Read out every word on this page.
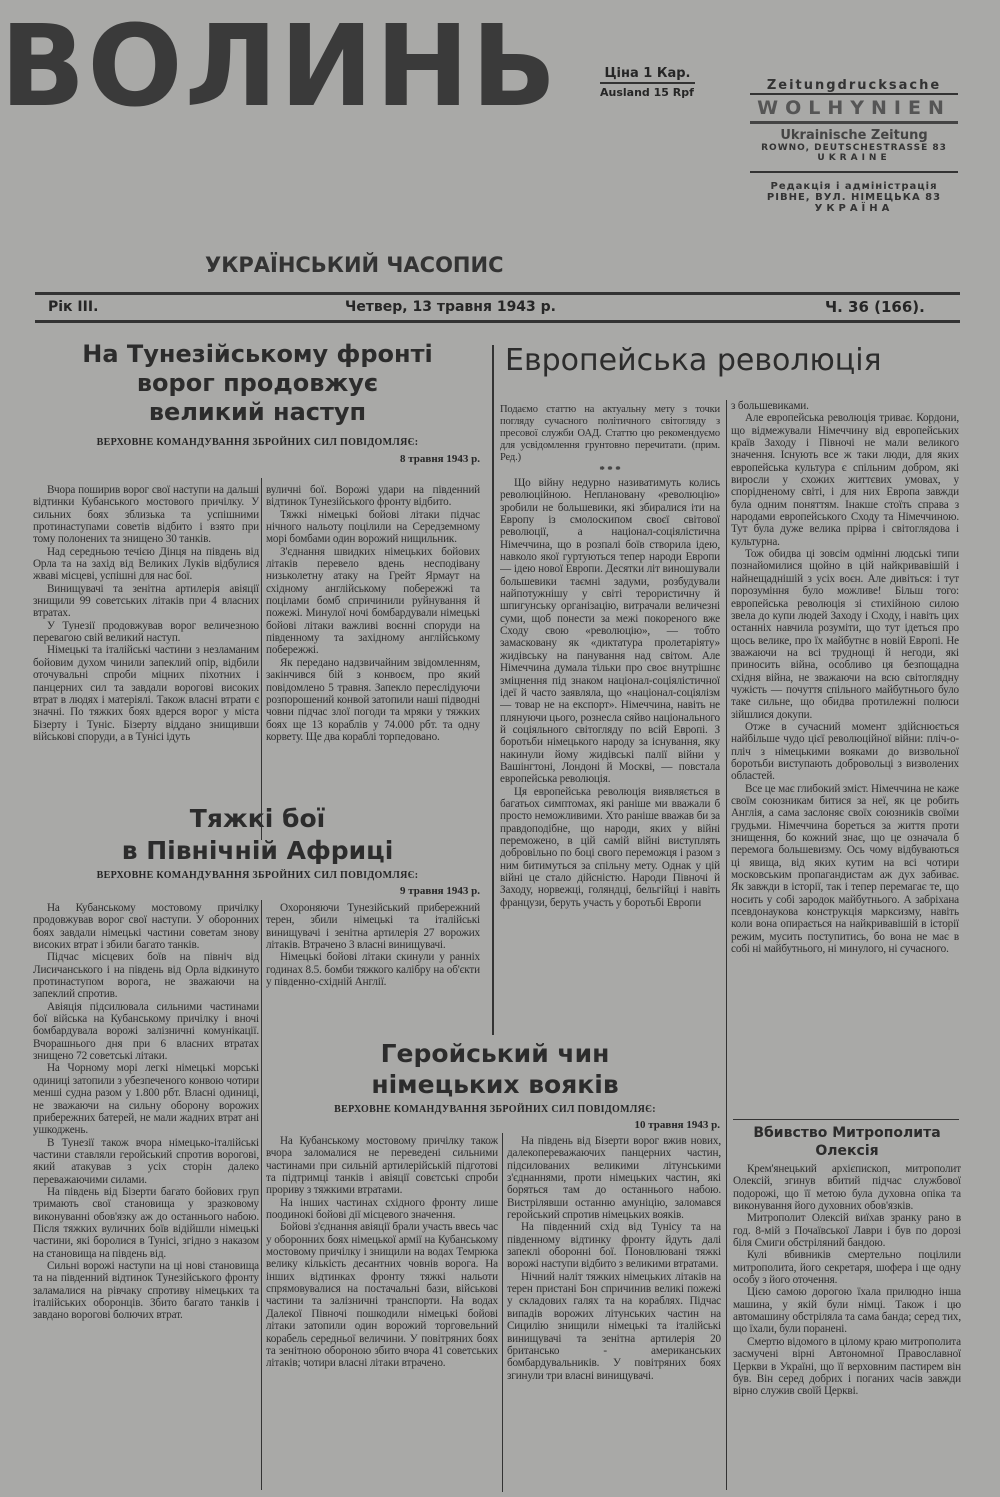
ВОЛИНЬ
УКРАЇНСЬКИЙ ЧАСОПИС
Ціна 1 Кар.
Ausland 15 Rpf	Zeitungdrucksache
WOLHYNIEN
Ukrainische Zeitung
ROWNO, DEUTSCHESTRASSE 83
UKRAINE
Редакція і адміністрація
РІВНЕ, ВУЛ. НІМЕЦЬКА 83
УКРАЇНА
Рік III.	Четвер, 13 травня 1943 р.	Ч. 36 (166).
На Тунезійському фронті
ворог продовжує
великий наступ
ВЕРХОВНЕ КОМАНДУВАННЯ ЗБРОЙНИХ СИЛ ПОВІДОМЛЯЄ:
8 травня 1943 р.

Вчора поширив ворог свої наступи на дальші відтинки Кубанського мостового причілку. У сильних боях зблизька та успішними протинаступами советів відбито і взято при тому полонених та знищено 30 танків.

Над середньою течією Дінця на південь від Орла та на захід від Великих Луків відбулися жваві місцеві, успішні для нас бої.

Винищувачі та зенітна артилерія авіяції знищили 99 советських літаків при 4 власних втратах.

У Тунезії продовжував ворог величезною перевагою свій великий наступ.

Німецькі та італійські частини з незламаним бойовим духом чинили запеклий опір, відбили оточувальні спроби міцних піхотних і панцерних сил та завдали ворогові високих втрат в людях і матеріялі. Також власні втрати є значні. По тяжких боях вдерся ворог у міста Бізерту і Туніс. Бізерту віддано знищивши військові споруди, а в Тунісі ідуть

вуличні бої. Ворожі удари на південний відтинок Тунезійського фронту відбито.

Тяжкі німецькі бойові літаки підчас нічного нальоту поцілили на Середземному морі бомбами один ворожий нищильник.

З'єднання швидких німецьких бойових літаків перевело вдень несподівану низьколетну атаку на Грейт Ярмаут на східному англійському побережжі та поцілами бомб спричинили руйнування й пожежі. Минулої ночі бомбардували німецькі бойові літаки важливі воєнні споруди на південному та західному англійському побережжі.

Як передано надзвичайним звідомленням, закінчився бій з конвоєм, про який повідомлено 5 травня. Запекло переслідуючи розпорошений конвой затопили наші підводні човни підчас злої погоди та мряки у тяжких боях ще 13 кораблів у 74.000 рбт. та одну корвету. Ще два кораблі торпедовано.

Тяжкі бої
в Північній Африці
ВЕРХОВНЕ КОМАНДУВАННЯ ЗБРОЙНИХ СИЛ ПОВІДОМЛЯЄ:
9 травня 1943 р.

На Кубанському мостовому причілку продовжував ворог свої наступи. У оборонних боях завдали німецькі частини советам знову високих втрат і збили багато танків.

Підчас місцевих боїв на північ від Лисичанського і на південь від Орла відкинуто протинаступом ворога, не зважаючи на запеклий спротив.

Авіяція підсилювала сильними частинами бої війська на Кубанському причілку і вночі бомбардувала ворожі залізничні комунікації. Вчорашнього дня при 6 власних втратах знищено 72 советські літаки.

На Чорному морі легкі німецькі морські одиниці затопили з убезпеченого конвою чотири менші судна разом у 1.800 рбт. Власні одиниці, не зважаючи на сильну оборону ворожих прибережних батерей, не мали жадних втрат ані ушкоджень.

В Тунезії також вчора німецько-італійські частини ставляли геройський спротив ворогові, який атакував з усіх сторін далеко переважаючими силами.

На південь від Бізерти багато бойових груп тримають свої становища у зразковому виконуванні обов'язку аж до останнього набою. Після тяжких вуличних боїв відійшли німецькі частини, які боролися в Тунісі, згідно з наказом на становища на південь від.

Сильні ворожі наступи на ці нові становища та на південний відтинок Тунезійського фронту заламалися на рівчаку спротиву німецьких та італійських оборонців. Збито багато танків і завдано ворогові болючих втрат.

Охороняючи Тунезійський прибережний терен, збили німецькі та італійські винищувачі і зенітна артилерія 27 ворожих літаків. Втрачено 3 власні винищувачі.

Німецькі бойові літаки скинули у ранніх годинах 8.5. бомби тяжкого калібру на об'єкти у південно-східній Англії.

Геройський чин
німецьких вояків
ВЕРХОВНЕ КОМАНДУВАННЯ ЗБРОЙНИХ СИЛ ПОВІДОМЛЯЄ:
10 травня 1943 р.

На Кубанському мостовому причілку також вчора заломалися не переведені сильними частинами при сильній артилерійській підготові та підтримці танків і авіяції совєтські спроби прориву з тяжкими втратами.

На інших частинах східного фронту лише поодинокі бойові дії місцевого значення.

Бойові з'єднання авіяції брали участь ввесь час у оборонних боях німецької армії на Кубанському мостовому причілку і знищили на водах Темрюка велику кількість десантних човнів ворога. На інших відтинках фронту тяжкі нальоти спрямовувалися на постачальні бази, військові частини та залізничні транспорти. На водах Далекої Півночі пошкодили німецькі бойові літаки затопили один ворожий торговельний корабель середньої величини. У повітряних боях та зенітною обороною збито вчора 41 советських літаків; чотири власні літаки втрачено.

На південь від Бізерти ворог вжив нових, далекопереважаючих панцерних частин, підсилованих великими літунськими з'єднаннями, проти німецьких частин, які боряться там до останнього набою. Вистрілявши останню амуніцію, заломався геройський спротив німецьких вояків.

На південний схід від Тунісу та на південному відтинку фронту йдуть далі запеклі оборонні бої. Поновлювані тяжкі ворожі наступи відбито з великими втратами.

Нічний наліт тяжких німецьких літаків на терен пристані Бон спричинив великі пожежі у складових галях та на кораблях. Підчас випадів ворожих літунських частин на Сицилію знищили німецькі та італійські винищувачі та зенітна артилерія 20 британсько - американських бомбардувальників. У повітряних боях згинули три власні винищувачі.

Европейська революція
Подаємо статтю на актуальну мету з точки погляду сучасного політичного світогляду з пресової служби ОАД. Статтю цю рекомендуємо для усвідомлення грунтовно перечитати. (прим. Ред.)
* * *

Що війну недурно називатимуть колись революційною. Неплановану «революцію» зробили не большевики, які збиралися іти на Европу із смолоскипом своєї світової революції, а націонал-соціялістична Німеччина, що в розпалі боїв створила ідею, навколо якої гуртуються тепер народи Европи — ідею нової Европи. Десятки літ виношували большевики таємні задуми, розбудували найпотужнішу у світі терористичну й шпигунську організацію, витрачали величезні суми, щоб понести за межі покореного вже Сходу свою «революцію», — тобто замасковану як «диктатура пролетаріяту» жидівську на панування над світом. Але Німеччина думала тільки про своє внутрішнє зміцнення під знаком націонал-соціялістичної ідеї й часто заявляла, що «націонал-соціялізм — товар не на експорт». Німеччина, навіть не плянуючи цього, рознесла сяйво національного й соціяльного світогляду по всій Европі. З боротьби німецького народу за існування, яку накинули йому жидівські палії війни у Вашінгтоні, Лондоні й Москві, — повстала европейська революція.

Ця европейська революція виявляється в багатьох симптомах, які раніше ми вважали б просто неможливими. Хто раніше вважав би за правдоподібне, що народи, яких у війні переможено, в цій самій війні виступлять добровільно по боці свого переможця і разом з ним битимуться за спільну мету. Однак у цій війні це стало дійсністю. Народи Півночі й Заходу, норвежці, голяндці, бельгійці і навіть французи, беруть участь у боротьбі Европи

з большевиками.

Але европейська революція триває. Кордони, що відмежували Німеччину від европейських країв Заходу і Півночі не мали великого значення. Існують все ж таки люди, для яких европейська культура є спільним добром, які виросли у схожих життєвих умовах, у спорідненому світі, і для них Европа завжди була одним поняттям. Інакше стоїть справа з народами европейського Сходу та Німеччиною. Тут була дуже велика прірва і світоглядова і культурна.

Тож обидва ці зовсім одмінні людські типи познайомилися щойно в цій найкривавішій і найнещаднішій з усіх воєн. Але дивіться: і тут порозуміння було можливе! Більш того: европейська революція зі стихійною силою звела до купи людей Заходу і Сходу, і навіть цих останніх навчила розуміти, що тут ідеться про щось велике, про їх майбутнє в новій Европі. Не зважаючи на всі труднощі й негоди, які приносить війна, особливо ця безпощадна східня війна, не зважаючи на всю світоглядну чужість — почуття спільного майбутнього було таке сильне, що обидва протилежні полюси зійшлися докупи.

Отже в сучасний момент здійснюється найбільше чудо цієї революційної війни: пліч-о-пліч з німецькими вояками до визвольної боротьби виступають добровольці з визволених областей.

Все це має глибокий зміст. Німеччина не каже своїм союзникам битися за неї, як це робить Англія, а сама заслоняє своїх союзників своїми грудьми. Німеччина бореться за життя проти знищення, бо кожний знає, що це означала б перемога большевизму. Ось чому відбуваються ці явища, від яких кутим на всі чотири московським пропагандистам аж дух забиває. Як завжди в історії, так і тепер перемагає те, що носить у собі зародок майбутнього. А забріхана псевдонаукова конструкція марксизму, навіть коли вона опирається на найкривавішій в історії режим, мусить поступитись, бо вона не має в собі ні майбутнього, ні минулого, ні сучасного.

Вбивство Митрополита
Олексія

Крем'янецький архієпископ, митрополит Олексій, згинув вбитий підчас службової подорожі, що її метою була духовна опіка та виконування його духовних обов'язків.

Митрополит Олексій виїхав зранку рано в год. 8-мій з Почаївської Лаври і був по дорозі біля Смиги обстріляний бандою.

Кулі вбивників смертельно поцілили митрополита, його секретаря, шофера і ще одну особу з його оточення.

Цією самою дорогою їхала прилюдно інша машина, у якій були німці. Також і цю автомашину обстріляла та сама банда; серед тих, що їхали, були поранені.

Смертю відомого в цілому краю митрополита засмучені вірні Автономної Православної Церкви в Україні, що її верховним пастирем він був. Він серед добрих і поганих часів завжди вірно служив своїй Церкві.
